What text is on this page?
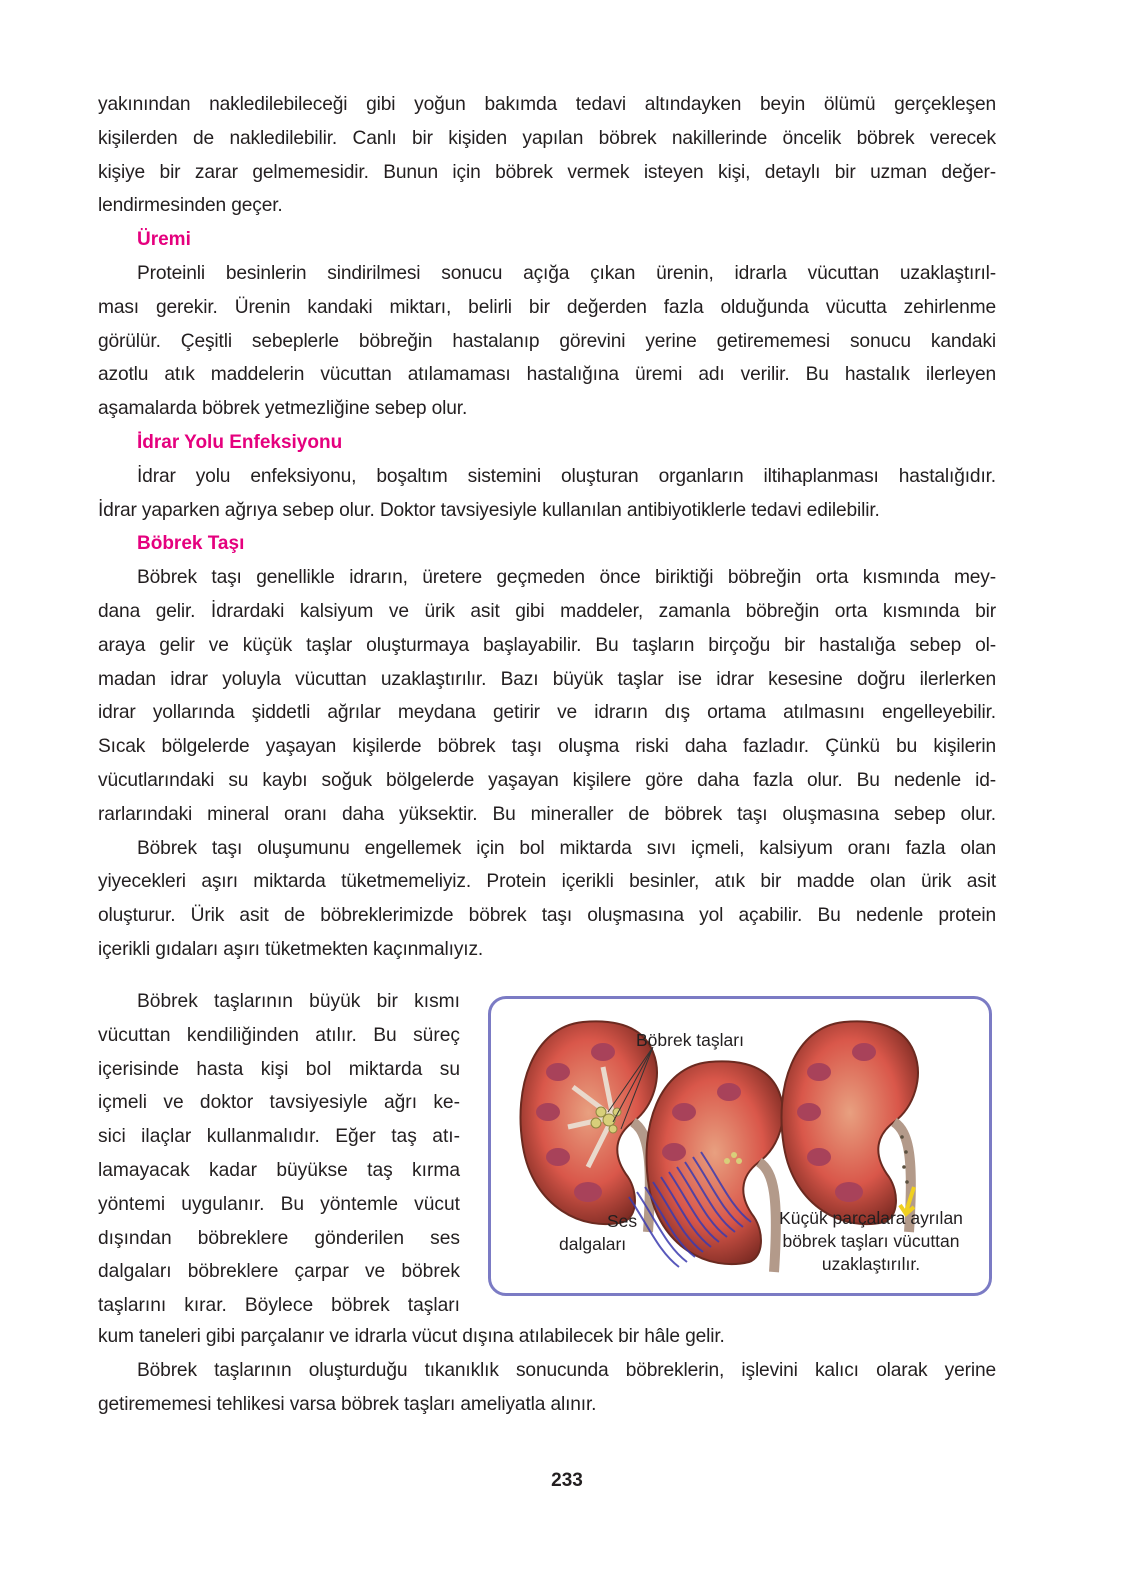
yakınından nakledilebileceği gibi yoğun bakımda tedavi altındayken beyin ölümü gerçekleşen
kişilerden de nakledilebilir. Canlı bir kişiden yapılan böbrek nakillerinde öncelik böbrek verecek
kişiye bir zarar gelmemesidir. Bunun için böbrek vermek isteyen kişi, detaylı bir uzman değer-
lendirmesinden geçer.
Üremi
Proteinli besinlerin sindirilmesi sonucu açığa çıkan ürenin, idrarla vücuttan uzaklaştırıl-
ması gerekir. Ürenin kandaki miktarı, belirli bir değerden fazla olduğunda vücutta zehirlenme
görülür. Çeşitli sebeplerle böbreğin hastalanıp görevini yerine getirememesi sonucu kandaki
azotlu atık maddelerin vücuttan atılamaması hastalığına üremi adı verilir. Bu hastalık ilerleyen
aşamalarda böbrek yetmezliğine sebep olur.
İdrar Yolu Enfeksiyonu
İdrar yolu enfeksiyonu, boşaltım sistemini oluşturan organların iltihaplanması hastalığıdır.
İdrar yaparken ağrıya sebep olur. Doktor tavsiyesiyle kullanılan antibiyotiklerle tedavi edilebilir.
Böbrek Taşı
Böbrek taşı genellikle idrarın, üretere geçmeden önce biriktiği böbreğin orta kısmında mey-
dana gelir. İdrardaki kalsiyum ve ürik asit gibi maddeler, zamanla böbreğin orta kısmında bir
araya gelir ve küçük taşlar oluşturmaya başlayabilir. Bu taşların birçoğu bir hastalığa sebep ol-
madan idrar yoluyla vücuttan uzaklaştırılır. Bazı büyük taşlar ise idrar kesesine doğru ilerlerken
idrar yollarında şiddetli ağrılar meydana getirir ve idrarın dış ortama atılmasını engelleyebilir.
Sıcak bölgelerde yaşayan kişilerde böbrek taşı oluşma riski daha fazladır. Çünkü bu kişilerin
vücutlarındaki su kaybı soğuk bölgelerde yaşayan kişilere göre daha fazla olur. Bu nedenle id-
rarlarındaki mineral oranı daha yüksektir. Bu mineraller de böbrek taşı oluşmasına sebep olur.
Böbrek taşı oluşumunu engellemek için bol miktarda sıvı içmeli, kalsiyum oranı fazla olan
yiyecekleri aşırı miktarda tüketmemeliyiz. Protein içerikli besinler, atık bir madde olan ürik asit
oluşturur. Ürik asit de böbreklerimizde böbrek taşı oluşmasına yol açabilir. Bu nedenle protein
içerikli gıdaları aşırı tüketmekten kaçınmalıyız.
Böbrek taşlarının büyük bir kısmı
vücuttan kendiliğinden atılır. Bu süreç
içerisinde hasta kişi bol miktarda su
içmeli ve doktor tavsiyesiyle ağrı ke-
sici ilaçlar kullanmalıdır. Eğer taş atı-
lamayacak kadar büyükse taş kırma
yöntemi uygulanır. Bu yöntemle vücut
dışından böbreklere gönderilen ses
dalgaları böbreklere çarpar ve böbrek
taşlarını kırar. Böylece böbrek taşları
Böbrek taşları
Ses
dalgaları
Küçük parçalara ayrılan
böbrek taşları vücuttan
uzaklaştırılır.
kum taneleri gibi parçalanır ve idrarla vücut dışına atılabilecek bir hâle gelir.
Böbrek taşlarının oluşturduğu tıkanıklık sonucunda böbreklerin, işlevini kalıcı olarak yerine
getirememesi tehlikesi varsa böbrek taşları ameliyatla alınır.
233
